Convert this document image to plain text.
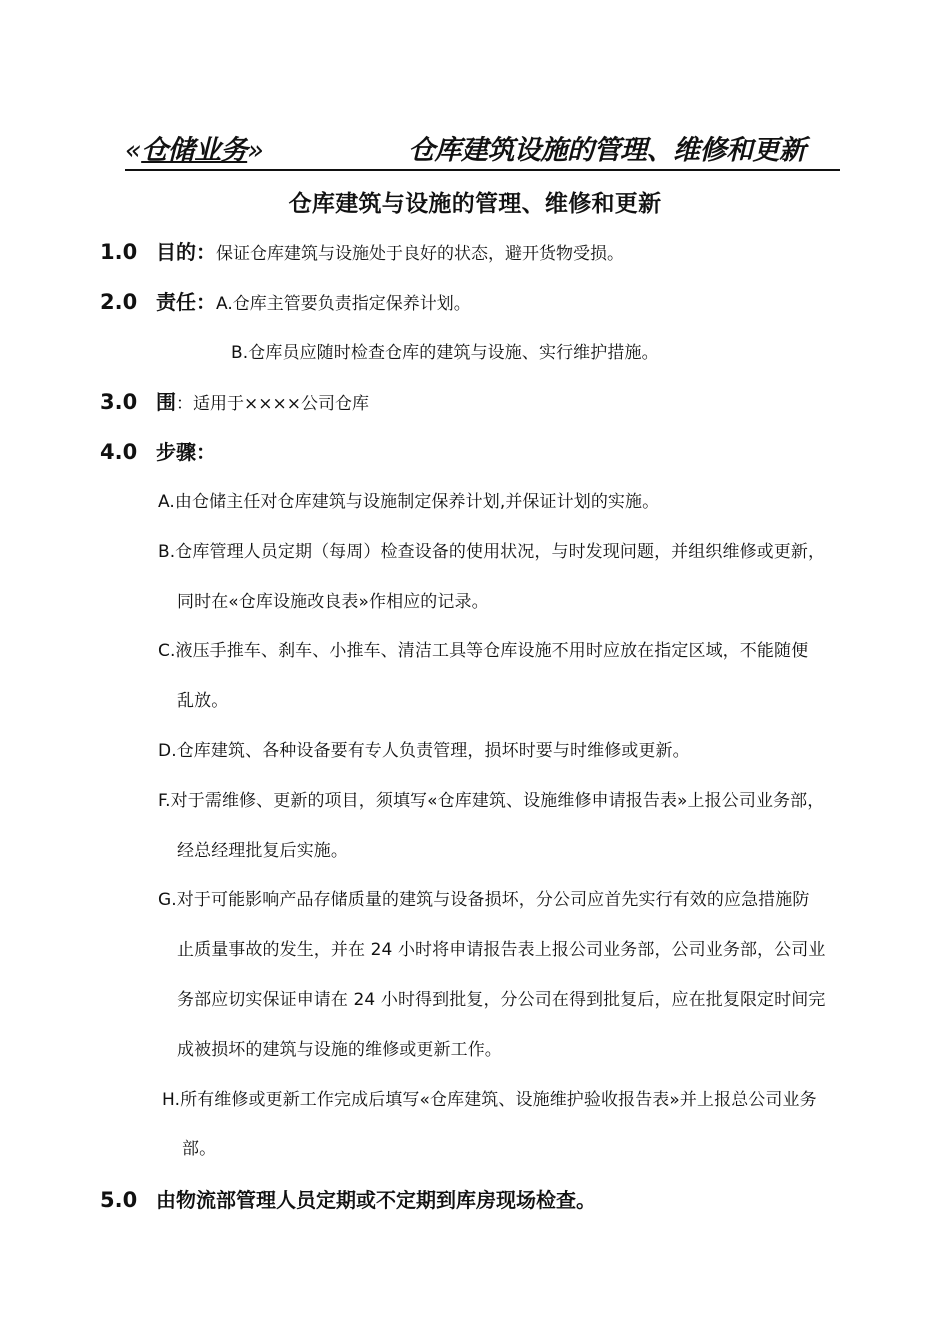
«仓储业务»	仓库建筑设施的管理、维修和更新
仓库建筑与设施的管理、维修和更新
1.0 目的：保证仓库建筑与设施处于良好的状态，避开货物受损。
2.0 责任：A.仓库主管要负责指定保养计划。
B.仓库员应随时检查仓库的建筑与设施、实行维护措施。
3.0 围：适用于××××公司仓库
4.0 步骤：
A.由仓储主任对仓库建筑与设施制定保养计划,并保证计划的实施。
B.仓库管理人员定期（每周）检查设备的使用状况，与时发现问题，并组织维修或更新，
同时在«仓库设施改良表»作相应的记录。
C.液压手推车、刹车、小推车、清洁工具等仓库设施不用时应放在指定区域，不能随便
乱放。
D.仓库建筑、各种设备要有专人负责管理，损坏时要与时维修或更新。
F.对于需维修、更新的项目，须填写«仓库建筑、设施维修申请报告表»上报公司业务部，
经总经理批复后实施。
G.对于可能影响产品存储质量的建筑与设备损坏，分公司应首先实行有效的应急措施防
止质量事故的发生，并在 24 小时将申请报告表上报公司业务部，公司业务部，公司业
务部应切实保证申请在 24 小时得到批复，分公司在得到批复后，应在批复限定时间完
成被损坏的建筑与设施的维修或更新工作。
H.所有维修或更新工作完成后填写«仓库建筑、设施维护验收报告表»并上报总公司业务
部。
5.0 由物流部管理人员定期或不定期到库房现场检查。
